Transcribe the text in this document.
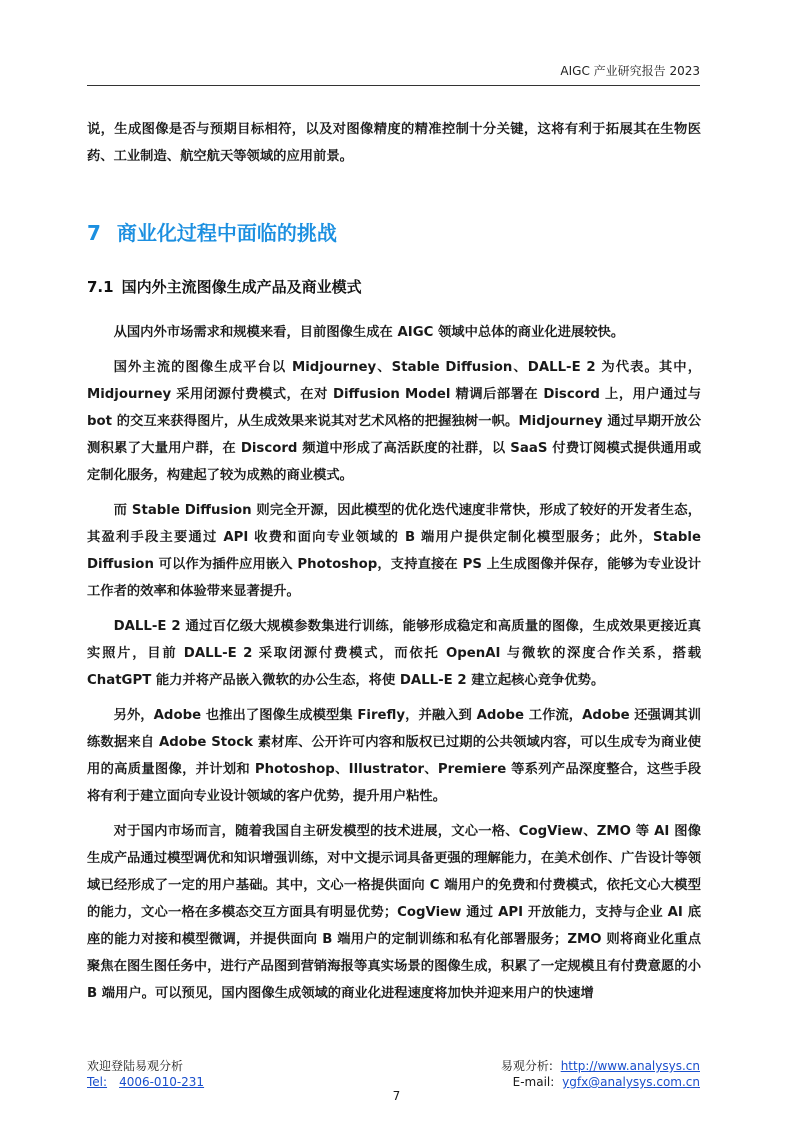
AIGC 产业研究报告 2023

说，生成图像是否与预期目标相符，以及对图像精度的精准控制十分关键，这将有利于拓展其在生物医药、工业制造、航空航天等领域的应用前景。

7 商业化过程中面临的挑战
7.1 国内外主流图像生成产品及商业模式

从国内外市场需求和规模来看，目前图像生成在 AIGC 领域中总体的商业化进展较快。

国外主流的图像生成平台以 Midjourney、Stable Diffusion、DALL-E 2 为代表。其中，Midjourney 采用闭源付费模式，在对 Diffusion Model 精调后部署在 Discord 上，用户通过与 bot 的交互来获得图片，从生成效果来说其对艺术风格的把握独树一帜。Midjourney 通过早期开放公测积累了大量用户群，在 Discord 频道中形成了高活跃度的社群，以 SaaS 付费订阅模式提供通用或定制化服务，构建起了较为成熟的商业模式。

而 Stable Diffusion 则完全开源，因此模型的优化迭代速度非常快，形成了较好的开发者生态，其盈利手段主要通过 API 收费和面向专业领域的 B 端用户提供定制化模型服务；此外，Stable Diffusion 可以作为插件应用嵌入 Photoshop，支持直接在 PS 上生成图像并保存，能够为专业设计工作者的效率和体验带来显著提升。

DALL-E 2 通过百亿级大规模参数集进行训练，能够形成稳定和高质量的图像，生成效果更接近真实照片，目前 DALL-E 2 采取闭源付费模式，而依托 OpenAI 与微软的深度合作关系，搭载 ChatGPT 能力并将产品嵌入微软的办公生态，将使 DALL-E 2 建立起核心竞争优势。

另外，Adobe 也推出了图像生成模型集 Firefly，并融入到 Adobe 工作流，Adobe 还强调其训练数据来自 Adobe Stock 素材库、公开许可内容和版权已过期的公共领域内容，可以生成专为商业使用的高质量图像，并计划和 Photoshop、Illustrator、Premiere 等系列产品深度整合，这些手段将有利于建立面向专业设计领域的客户优势，提升用户粘性。

对于国内市场而言，随着我国自主研发模型的技术进展，文心一格、CogView、ZMO 等 AI 图像生成产品通过模型调优和知识增强训练，对中文提示词具备更强的理解能力，在美术创作、广告设计等领域已经形成了一定的用户基础。其中，文心一格提供面向 C 端用户的免费和付费模式，依托文心大模型的能力，文心一格在多模态交互方面具有明显优势；CogView 通过 API 开放能力，支持与企业 AI 底座的能力对接和模型微调，并提供面向 B 端用户的定制训练和私有化部署服务；ZMO 则将商业化重点聚焦在图生图任务中，进行产品图到营销海报等真实场景的图像生成，积累了一定规模且有付费意愿的小 B 端用户。可以预见，国内图像生成领域的商业化进程速度将加快并迎来用户的快速增

欢迎登陆易观分析
Tel: 4006-010-231
易观分析: http://www.analysys.cn
E-mail: ygfx@analysys.com.cn
7
